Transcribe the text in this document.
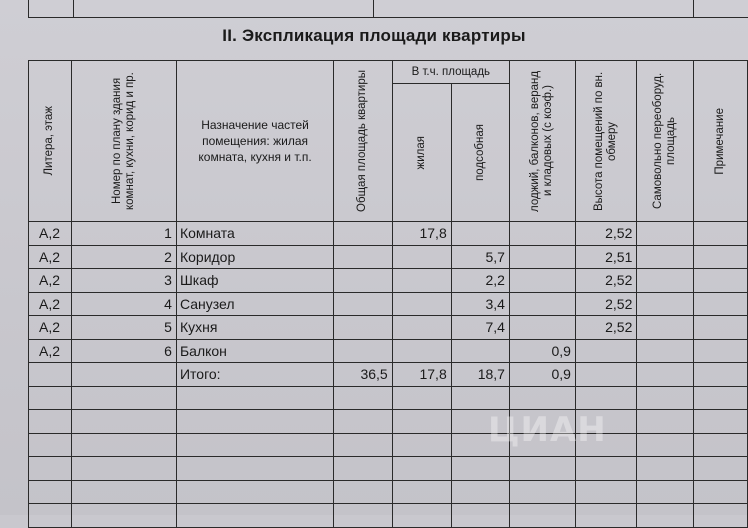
II. Экспликация площади квартиры
Литера, этаж	Номер по плану здания комнат, кухни, корид и пр.	Назначение частей помещения: жилая комната, кухня и т.п.	Общая площадь квартиры	В т.ч. площадь		лоджий, балконов, веранд и кладовых (с коэф.)	Высота помещений по вн. обмеру	Самовольно переоборуд. площадь	Примечание

				жилая	подсобная				

А,2	1	Комната		17,8			2,52		
А,2	2	Коридор			5,7		2,51		
А,2	3	Шкаф			2,2		2,52		
А,2	4	Санузел			3,4		2,52		
А,2	5	Кухня			7,4		2,52		
А,2	6	Балкон				0,9			
		Итого:	36,5	17,8	18,7	0,9			

ЦИАН
